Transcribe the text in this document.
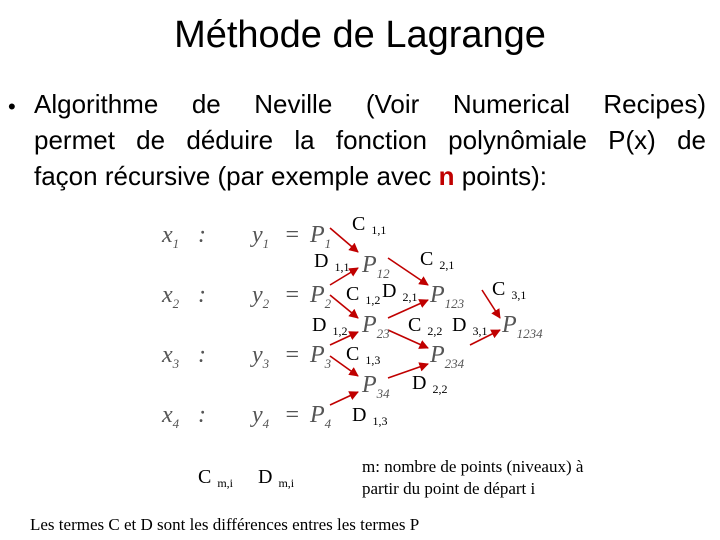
Méthode de Lagrange
• Algorithme de Neville (Voir Numerical Recipes)
permet de déduire la fonction polynômiale P(x) de
façon récursive (par exemple avec n points):
$x_1$ : $y_1 = P_1$
$x_2$ : $y_2 = P_2$
$x_3$ : $y_3 = P_3$
$x_4$ : $y_4 = P_4$
$P_{12}$
$P_{23}$
$P_{34}$
$P_{123}$
$P_{234}$
$P_{1234}$
C $_{1,1}$
D $_{1,1}$	C $_{2,1}$
C $_{1,2}$ D $_{2,1}$	C $_{3,1}$
D $_{1,2}$	C $_{2,2}$ D $_{3,1}$
C $_{1,3}$
D $_{2,2}$
D $_{1,3}$
C $_{m,i}$ D $_{m,i}$
m: nombre de points (niveaux) à
partir du point de départ i
Les termes C et D sont les différences entres les termes P
